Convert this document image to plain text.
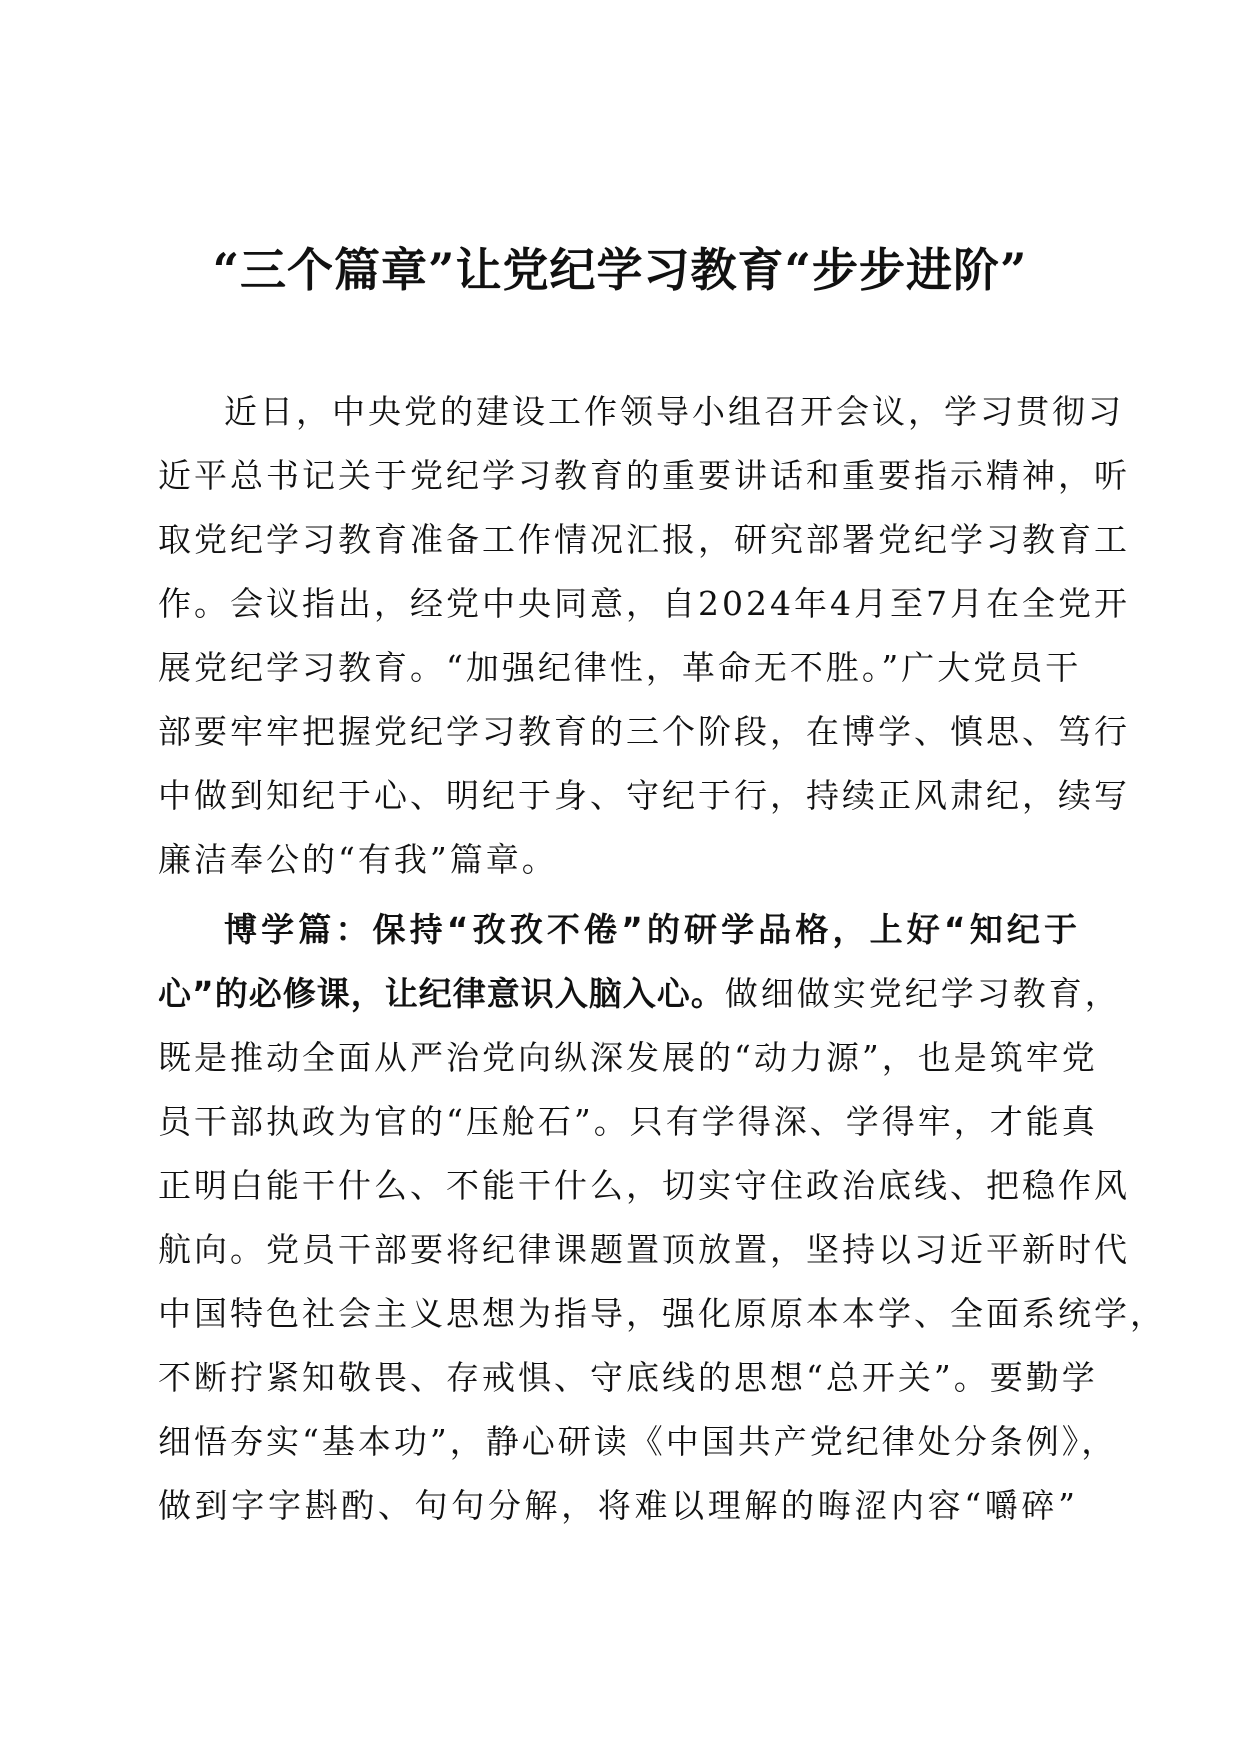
“三个篇章”让党纪学习教育“步步进阶”
近日，中央党的建设工作领导小组召开会议，学习贯彻习
近平总书记关于党纪学习教育的重要讲话和重要指示精神，听
取党纪学习教育准备工作情况汇报，研究部署党纪学习教育工
作。会议指出，经党中央同意，自2024年4月至7月在全党开
展党纪学习教育。“加强纪律性，革命无不胜。”广大党员干
部要牢牢把握党纪学习教育的三个阶段，在博学、慎思、笃行
中做到知纪于心、明纪于身、守纪于行，持续正风肃纪，续写
廉洁奉公的“有我”篇章。
博学篇：保持“孜孜不倦”的研学品格，上好“知纪于
心”的必修课，让纪律意识入脑入心。做细做实党纪学习教育，
既是推动全面从严治党向纵深发展的“动力源”，也是筑牢党
员干部执政为官的“压舱石”。只有学得深、学得牢，才能真
正明白能干什么、不能干什么，切实守住政治底线、把稳作风
航向。党员干部要将纪律课题置顶放置，坚持以习近平新时代
中国特色社会主义思想为指导，强化原原本本学、全面系统学，
不断拧紧知敬畏、存戒惧、守底线的思想“总开关”。要勤学
细悟夯实“基本功”，静心研读《中国共产党纪律处分条例》，
做到字字斟酌、句句分解，将难以理解的晦涩内容“嚼碎”
